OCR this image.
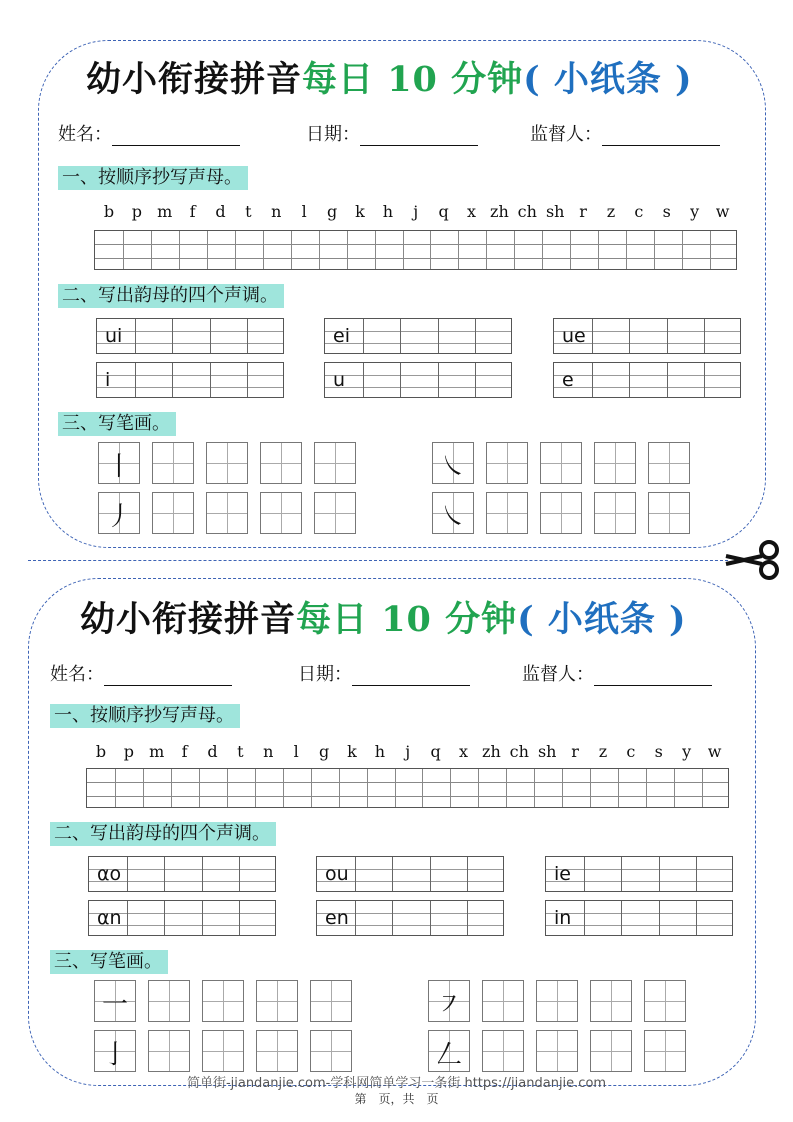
幼小衔接拼音每日 10 分钟( 小纸条 )
姓名：	日期：	监督人：
一、按顺序抄写声母。
b	p m	f	d	t	n	l	g	k	h	j	q	x zh ch sh r	z	c	s	y	w
二、写出韵母的四个声调。
ui	ei	ue
i	u	e
三、写笔画。
丨	㇏
丿	㇏
幼小衔接拼音每日 10 分钟( 小纸条 )
姓名：	日期：	监督人：
一、按顺序抄写声母。
b	p m	f	d	t	n	l	g	k	h	j	q	x zh ch sh r	z	c	s	y	w
二、写出韵母的四个声调。
αo	ou	ie
αn	en	in
三、写笔画。
一	㇇
亅	𠃋
简单街-jiandanjie.com-学科网简单学习一条街 https://jiandanjie.com
第　页，共　页
